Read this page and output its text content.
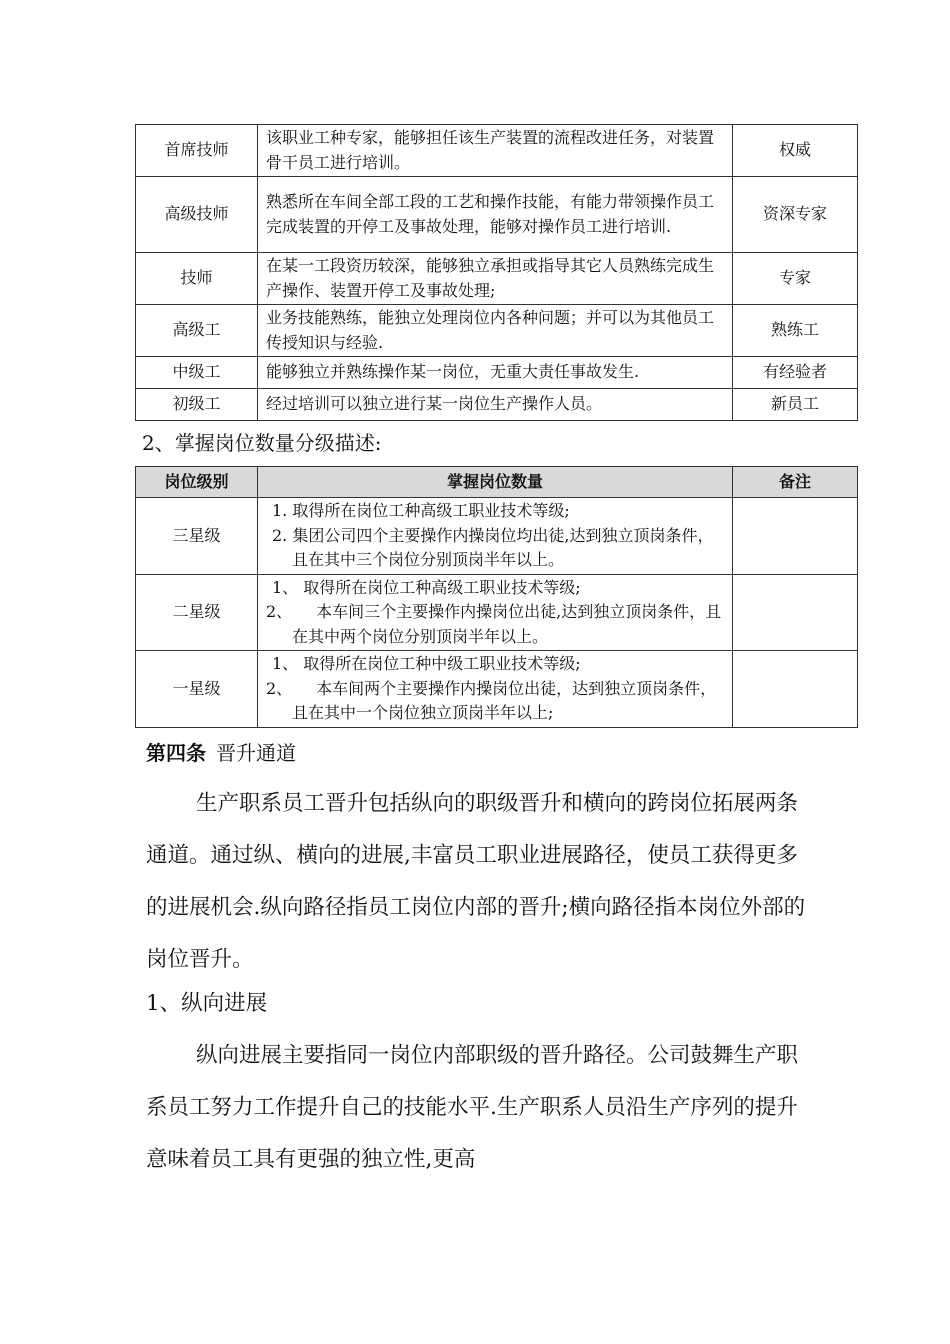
首席技师	该职业工种专家，能够担任该生产装置的流程改进任务，对装置骨干员工进行培训。	权威
高级技师	熟悉所在车间全部工段的工艺和操作技能，有能力带领操作员工完成装置的开停工及事故处理，能够对操作员工进行培训.	资深专家
技师	在某一工段资历较深，能够独立承担或指导其它人员熟练完成生产操作、装置开停工及事故处理;	专家
高级工	业务技能熟练，能独立处理岗位内各种问题；并可以为其他员工传授知识与经验.	熟练工
中级工	能够独立并熟练操作某一岗位，无重大责任事故发生.	有经验者
初级工	经过培训可以独立进行某一岗位生产操作人员。	新员工
2、掌握岗位数量分级描述:
岗位级别	掌握岗位数量	备注
三星级	1. 取得所在岗位工种高级工职业技术等级;
2. 集团公司四个主要操作内操岗位均出徒,达到独立顶岗条件，且在其中三个岗位分别顶岗半年以上。	

二星级	1、 取得所在岗位工种高级工职业技术等级;
2、　　本车间三个主要操作内操岗位出徒,达到独立顶岗条件，且在其中两个岗位分别顶岗半年以上。	

一星级	1、 取得所在岗位工种中级工职业技术等级;
2、　　本车间两个主要操作内操岗位出徒，达到独立顶岗条件，且在其中一个岗位独立顶岗半年以上;	

第四条 晋升通道

生产职系员工晋升包括纵向的职级晋升和横向的跨岗位拓展两条通道。通过纵、横向的进展,丰富员工职业进展路径，使员工获得更多的进展机会.纵向路径指员工岗位内部的晋升;横向路径指本岗位外部的岗位晋升。

1、纵向进展

纵向进展主要指同一岗位内部职级的晋升路径。公司鼓舞生产职系员工努力工作提升自己的技能水平.生产职系人员沿生产序列的提升意味着员工具有更强的独立性,更高
